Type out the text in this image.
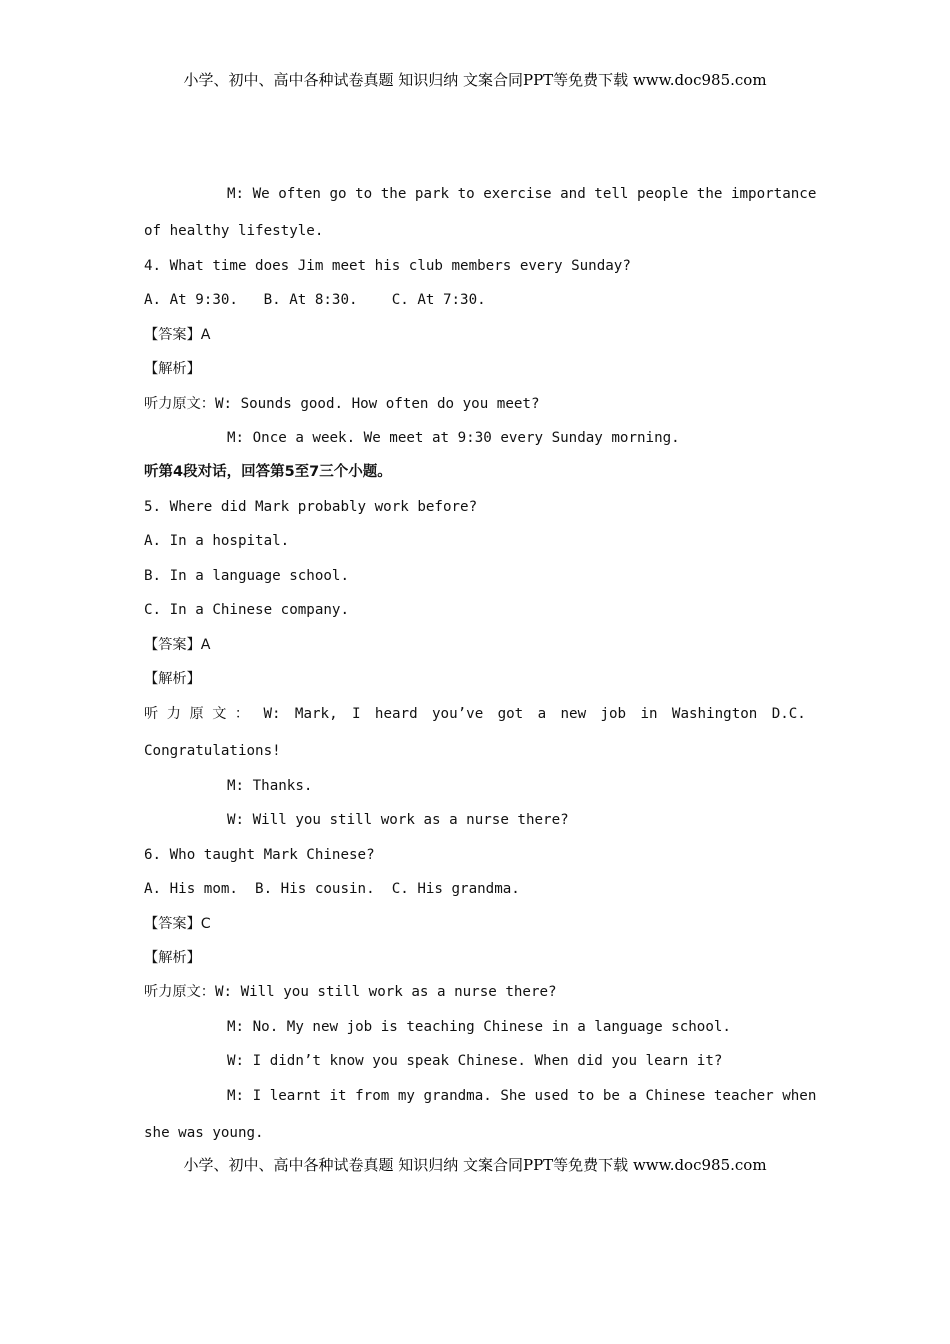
小学、初中、高中各种试卷真题 知识归纳 文案合同PPT等免费下载 www.doc985.com
M: We often go to the park to exercise and tell people the importance
of healthy lifestyle.
4. What time does Jim meet his club members every Sunday?
A. At 9:30.   B. At 8:30.    C. At 7:30.
【答案】A
【解析】
听力原文：W: Sounds good. How often do you meet?
M: Once a week. We meet at 9:30 every Sunday morning.
听第4段对话，回答第5至7三个小题。
5. Where did Mark probably work before?
A. In a hospital.
B. In a language school.
C. In a Chinese company.
【答案】A
【解析】
听 力 原 文 ： W: Mark, I heard you’ve got a new job in Washington D.C.
Congratulations!
M: Thanks.
W: Will you still work as a nurse there?
6. Who taught Mark Chinese?
A. His mom.  B. His cousin.  C. His grandma.
【答案】C
【解析】
听力原文：W: Will you still work as a nurse there?
M: No. My new job is teaching Chinese in a language school.
W: I didn’t know you speak Chinese. When did you learn it?
M: I learnt it from my grandma. She used to be a Chinese teacher when
she was young.
小学、初中、高中各种试卷真题 知识归纳 文案合同PPT等免费下载 www.doc985.com
